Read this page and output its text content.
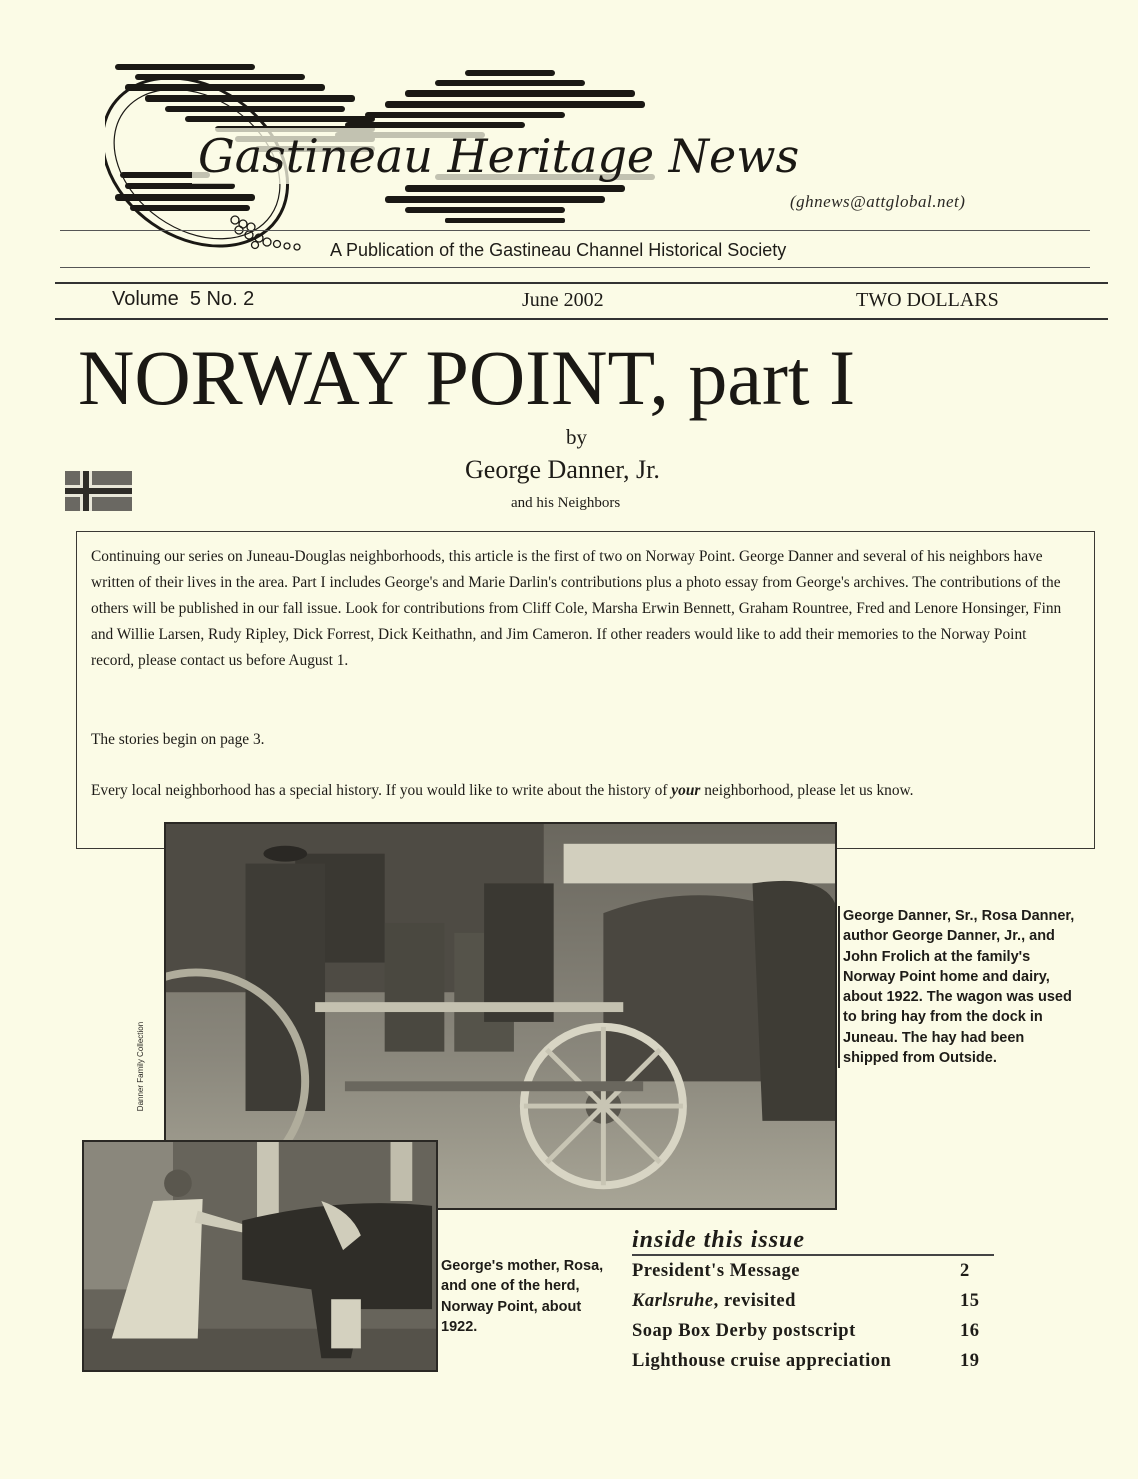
Gastineau Heritage News
(ghnews@attglobal.net)
A Publication of the Gastineau Channel Historical Society
Volume  5 No. 2	June 2002	TWO DOLLARS
NORWAY POINT, part I
by
George Danner, Jr.
and his Neighbors

Continuing our series on Juneau-Douglas neighborhoods, this article is the first of two on Norway Point. George Danner and several of his neighbors have written of their lives in the area. Part I includes George's and Marie Darlin's contributions plus a photo essay from George's archives. The contributions of the others will be published in our fall issue. Look for contributions from Cliff Cole, Marsha Erwin Bennett, Graham Rountree, Fred and Lenore Honsinger, Finn and Willie Larsen, Rudy Ripley, Dick Forrest, Dick Keithathn, and Jim Cameron. If other readers would like to add their memories to the Norway Point record, please contact us before August 1.

The stories begin on page 3.

Every local neighborhood has a special history. If you would like to write about the history of your neighborhood, please let us know.

Danner Family Collection
George Danner, Sr., Rosa Danner, author George Danner, Jr., and John Frolich at the family's Norway Point home and dairy, about 1922. The wagon was used to bring hay from the dock in Juneau. The hay had been shipped from Outside.
George's mother, Rosa, and one of the herd, Norway Point, about 1922.
inside this issue
President's Message	2
Karlsruhe, revisited	15
Soap Box Derby postscript	16
Lighthouse cruise appreciation	19
